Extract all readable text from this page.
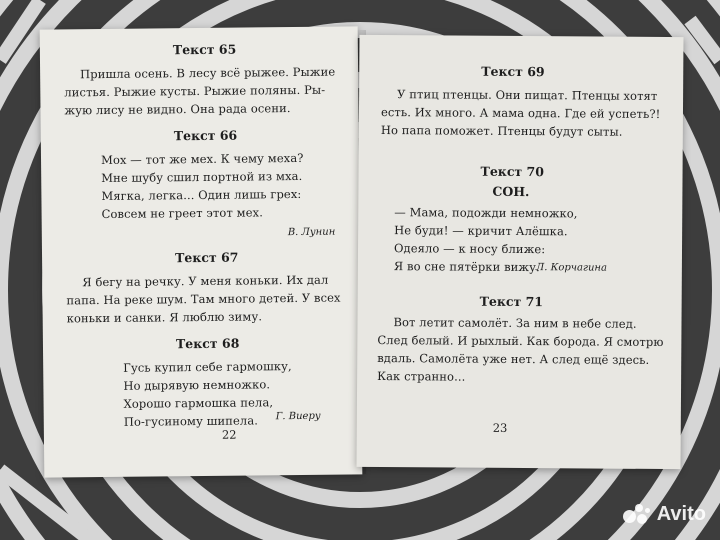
Текст 65
Пришла осень. В лесу всё рыжее. Рыжие
листья. Рыжие кусты. Рыжие поляны. Ры-
жую лису не видно. Она рада осени.
Текст 66
Мох — тот же мех. К чему меха?
Мне шубу сшил портной из мха.
Мягка, легка... Один лишь грех:
Совсем не греет этот мех.
В. Лунин
Текст 67
Я бегу на речку. У меня коньки. Их дал
папа. На реке шум. Там много детей. У всех
коньки и санки. Я люблю зиму.
Текст 68
Гусь купил себе гармошку,
Но дырявую немножко.
Хорошо гармошка пела,
По-гусиному шипела. Г. Виеру
22
Текст 69
У птиц птенцы. Они пищат. Птенцы хотят
есть. Их много. А мама одна. Где ей успеть?!
Но папа поможет. Птенцы будут сыты.
Текст 70
СОН.
— Мама, подожди немножко,
Не буди! — кричит Алёшка.
Одеяло — к носу ближе:
Я во сне пятёрки вижу.
Л. Корчагина
Текст 71
Вот летит самолёт. За ним в небе след.
След белый. И рыхлый. Как борода. Я смотрю
вдаль. Самолёта уже нет. А след ещё здесь.
Как странно...
23
Avito
